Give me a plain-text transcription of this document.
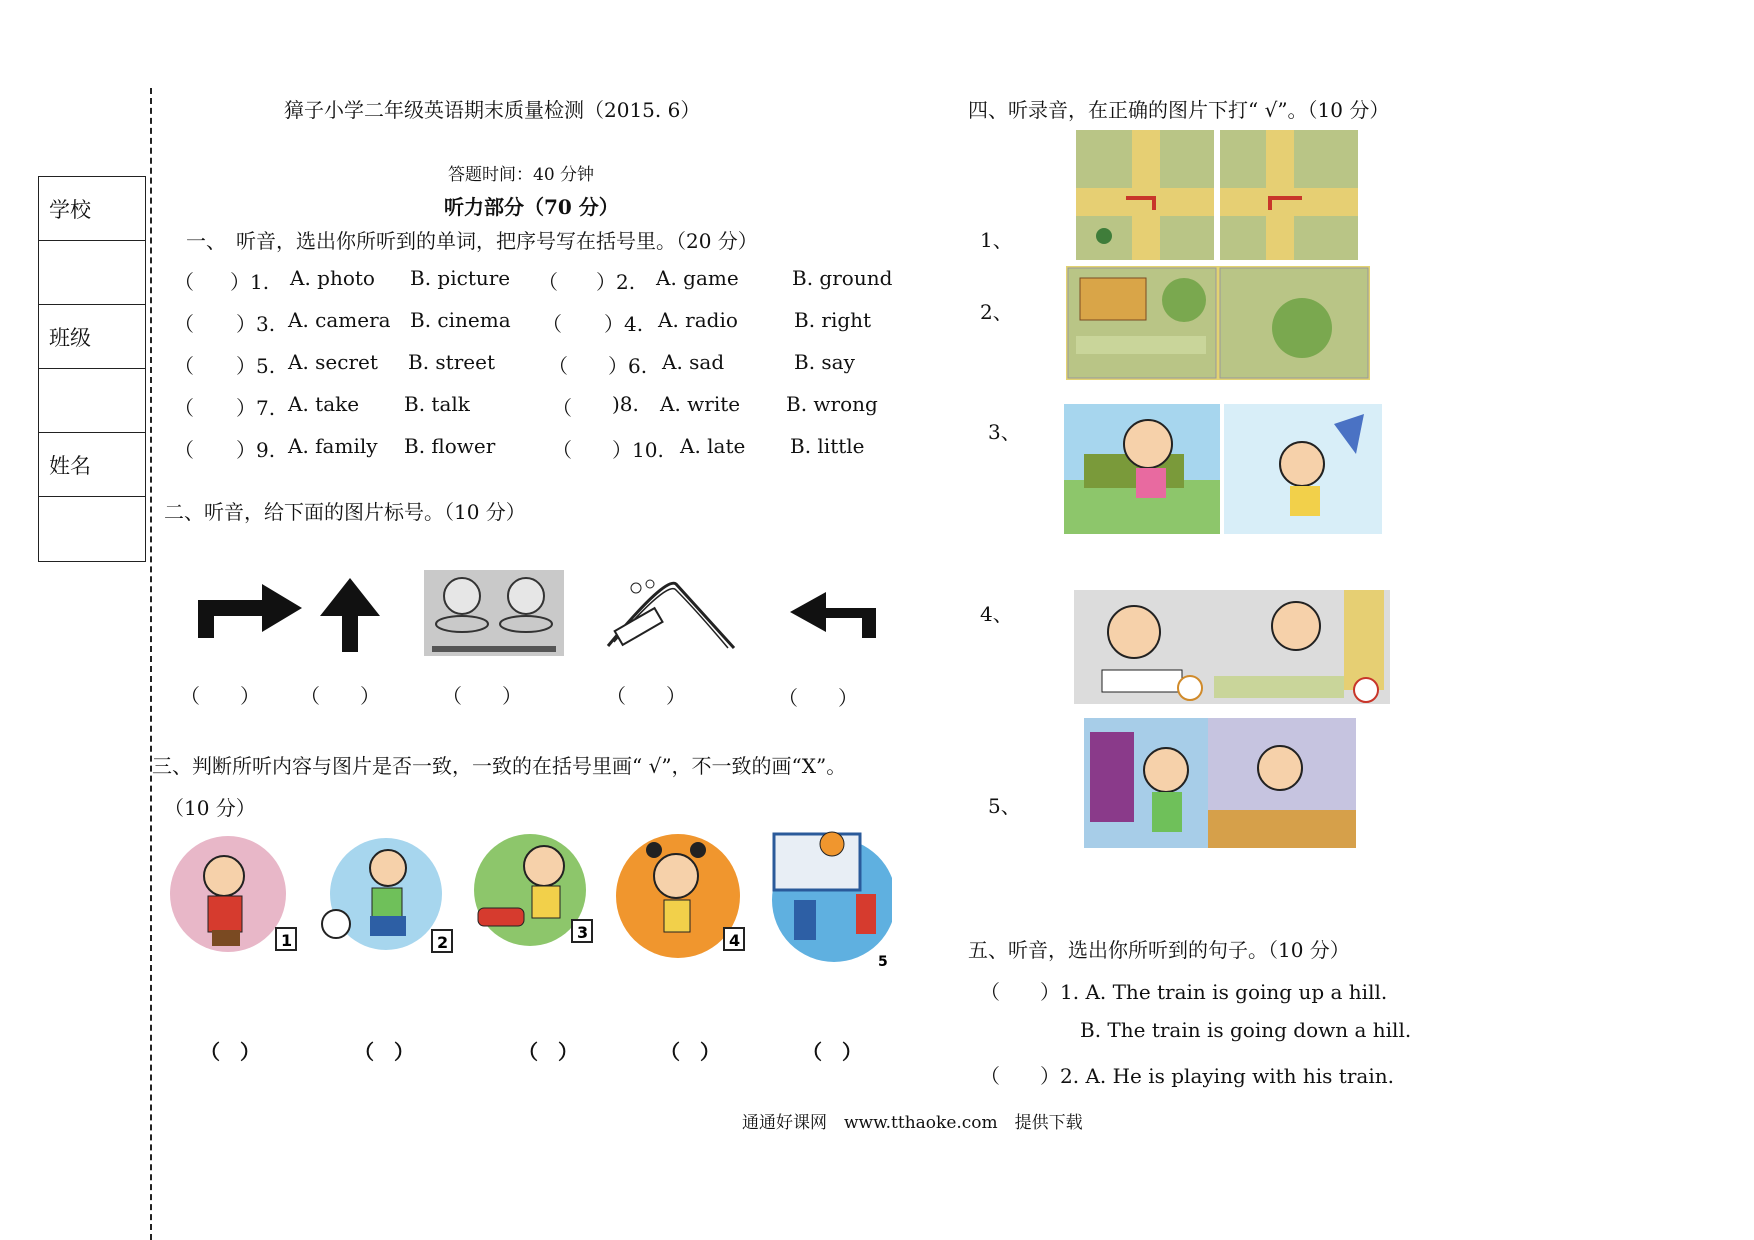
学校
班级
姓名
獐子小学二年级英语期末质量检测（2015. 6）
答题时间：40 分钟
听力部分（70 分）
一、　听音，选出你所听到的单词，把序号写在括号里。（20 分）
（ ）1. A. photo B. picture （ ）2. A. game	B. ground
（ ）3. A. camera B. cinema （ ）4. A. radio	B. right
（ ）5. A. secret B. street	（ ）6. A. sad	B. say
（ ）7. A. take B. talk	（ )8. A. write B. wrong
（ ）9. A. family B. flower	（ ）10. A. late B. little
二、听音，给下面的图片标号。（10 分）
（　　） （　　）	（　　）	（　　）	（　　）
三、判断所听内容与图片是否一致，一致的在括号里画“ √”，不一致的画“X”。
（10 分）
1	2
3	4
5
（　）	（　）	（　）	（　）	（　）
四、听录音，在正确的图片下打“ √”。（10 分）
1、
2、
3、
4、
5、
五、听音，选出你所听到的句子。（10 分）
（　　）1. A. The train is going up a hill.
B. The train is going down a hill.
（　　）2. A. He is playing with his train.
通通好课网　www.tthaoke.com　提供下载
